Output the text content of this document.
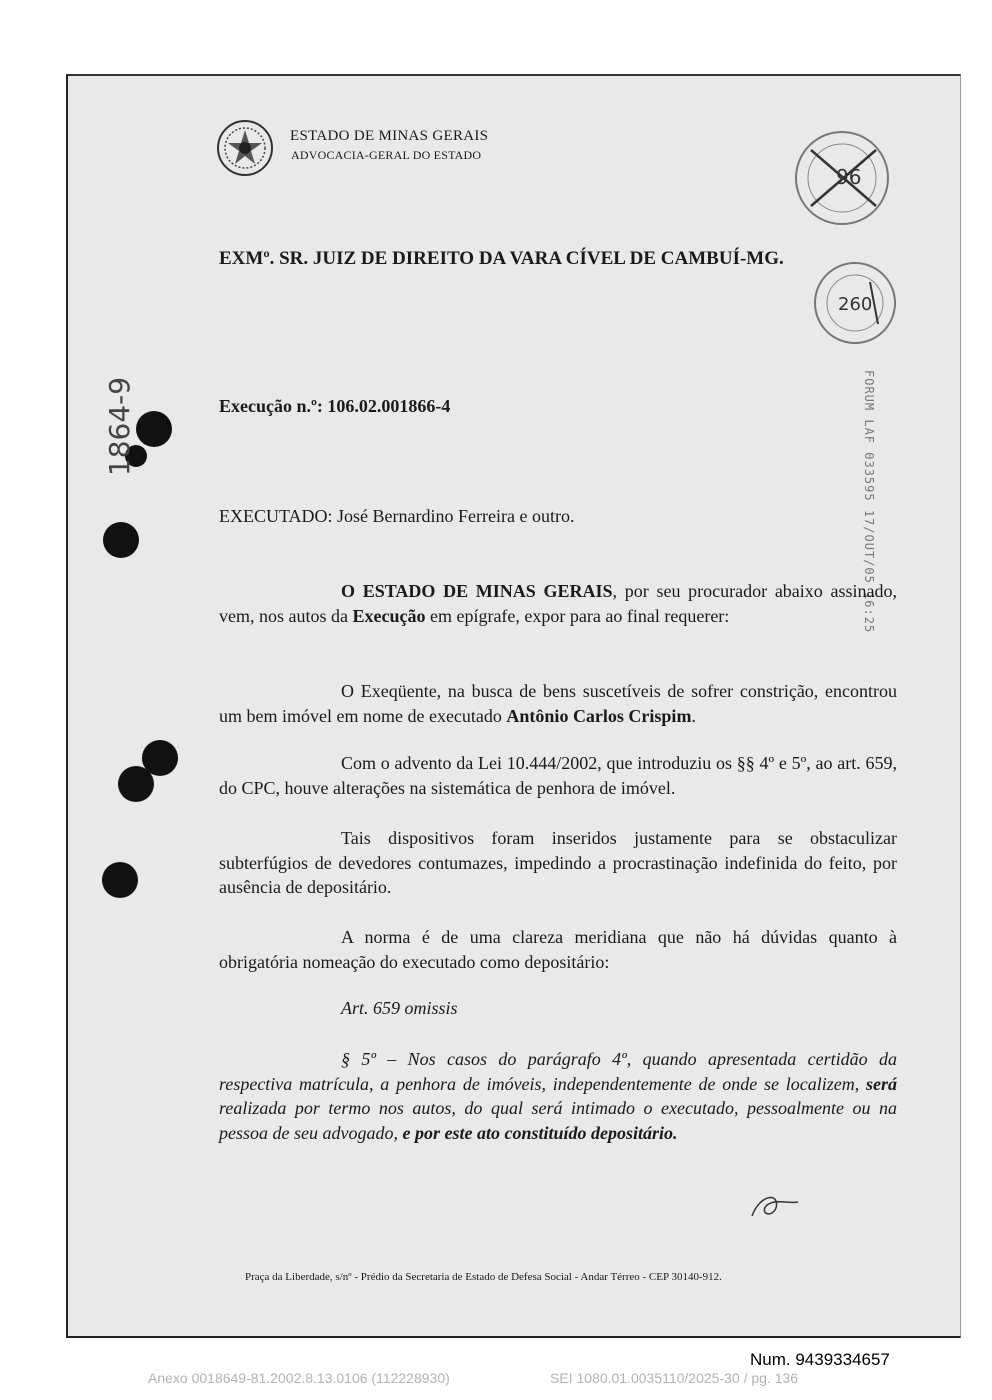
ESTADO DE MINAS GERAIS
ADVOCACIA-GERAL DO ESTADO
96
260
FORUM LAF 033595 17/OUT/05 16:25
1864-9
EXMº. SR. JUIZ DE DIREITO DA VARA CÍVEL DE CAMBUÍ-MG.
Execução n.º: 106.02.001866-4
EXECUTADO: José Bernardino Ferreira e outro.
O ESTADO DE MINAS GERAIS, por seu procurador abaixo assinado, vem, nos autos da Execução em epígrafe, expor para ao final requerer:
O Exeqüente, na busca de bens suscetíveis de sofrer constrição, encontrou um bem imóvel em nome de executado Antônio Carlos Crispim.
Com o advento da Lei 10.444/2002, que introduziu os §§ 4º e 5º, ao art. 659, do CPC, houve alterações na sistemática de penhora de imóvel.
Tais dispositivos foram inseridos justamente para se obstaculizar subterfúgios de devedores contumazes, impedindo a procrastinação indefinida do feito, por ausência de depositário.
A norma é de uma clareza meridiana que não há dúvidas quanto à obrigatória nomeação do executado como depositário:
Art. 659 omissis
§ 5º – Nos casos do parágrafo 4º, quando apresentada certidão da respectiva matrícula, a penhora de imóveis, independentemente de onde se localizem, será realizada por termo nos autos, do qual será intimado o executado, pessoalmente ou na pessoa de seu advogado, e por este ato constituído depositário.
Praça da Liberdade, s/nº - Prédio da Secretaria de Estado de Defesa Social - Andar Térreo - CEP 30140-912.
Num. 9439334657
Anexo 0018649-81.2002.8.13.0106 (112228930)	SEI 1080.01.0035110/2025-30 / pg. 136
